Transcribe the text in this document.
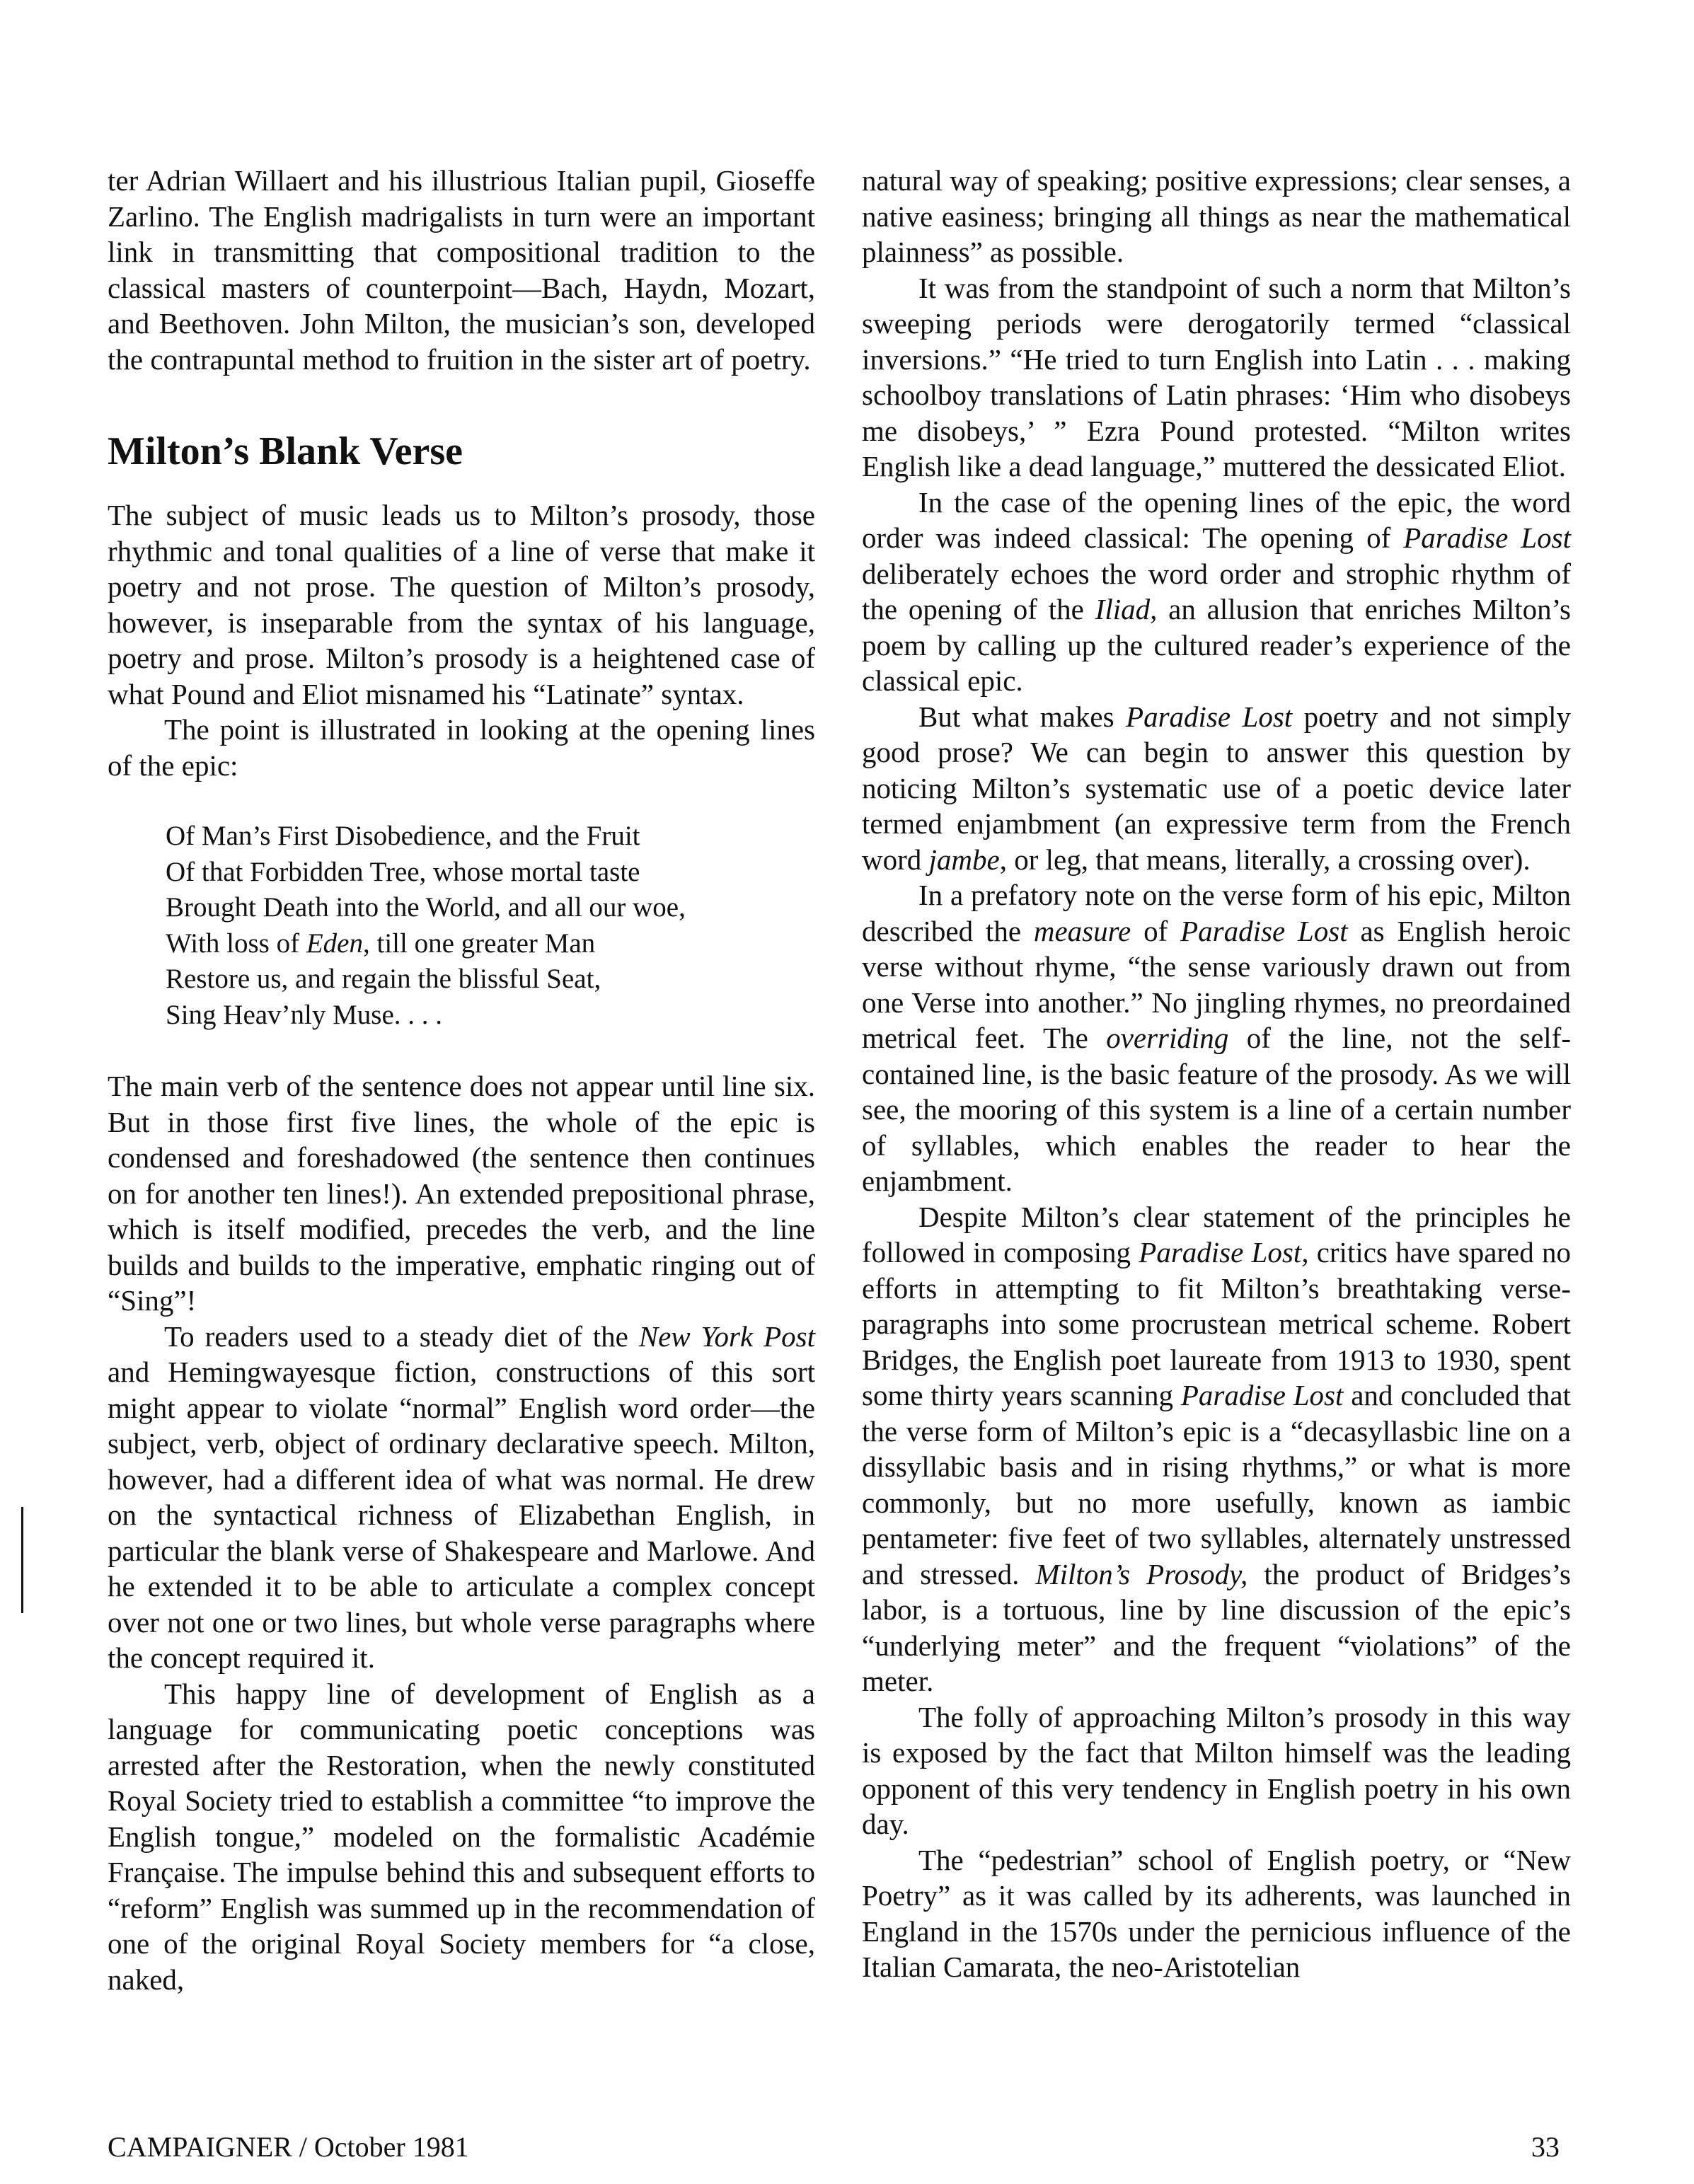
ter Adrian Willaert and his illustrious Italian pupil, Gioseffe Zarlino. The English madrigalists in turn were an important link in transmitting that compositional tradition to the classical masters of counterpoint—Bach, Haydn, Mozart, and Beethoven. John Milton, the musician’s son, developed the contrapuntal method to fruition in the sister art of poetry.

Milton’s Blank Verse

The subject of music leads us to Milton’s prosody, those rhythmic and tonal qualities of a line of verse that make it poetry and not prose. The question of Milton’s prosody, however, is inseparable from the syntax of his language, poetry and prose. Milton’s prosody is a heightened case of what Pound and Eliot misnamed his “Latinate” syntax.

The point is illustrated in looking at the opening lines of the epic:

Of Man’s First Disobedience, and the Fruit
Of that Forbidden Tree, whose mortal taste
Brought Death into the World, and all our woe,
With loss of Eden, till one greater Man
Restore us, and regain the blissful Seat,
Sing Heav’nly Muse. . . .

The main verb of the sentence does not appear until line six. But in those first five lines, the whole of the epic is condensed and foreshadowed (the sentence then continues on for another ten lines!). An extended prepositional phrase, which is itself modified, precedes the verb, and the line builds and builds to the imperative, emphatic ringing out of “Sing”!

To readers used to a steady diet of the New York Post and Hemingwayesque fiction, constructions of this sort might appear to violate “normal” English word order—the subject, verb, object of ordinary declarative speech. Milton, however, had a different idea of what was normal. He drew on the syntactical richness of Elizabethan English, in particular the blank verse of Shakespeare and Marlowe. And he extended it to be able to articulate a complex concept over not one or two lines, but whole verse paragraphs where the concept required it.

This happy line of development of English as a language for communicating poetic conceptions was arrested after the Restoration, when the newly constituted Royal Society tried to establish a committee “to improve the English tongue,” modeled on the formalistic Académie Française. The impulse behind this and subsequent efforts to “reform” English was summed up in the recommendation of one of the original Royal Society members for “a close, naked,

natural way of speaking; positive expressions; clear senses, a native easiness; bringing all things as near the mathematical plainness” as possible.

It was from the standpoint of such a norm that Milton’s sweeping periods were derogatorily termed “classical inversions.” “He tried to turn English into Latin . . . making schoolboy translations of Latin phrases: ‘Him who disobeys me disobeys,’ ” Ezra Pound protested. “Milton writes English like a dead language,” muttered the dessicated Eliot.

In the case of the opening lines of the epic, the word order was indeed classical: The opening of Paradise Lost deliberately echoes the word order and strophic rhythm of the opening of the Iliad, an allusion that enriches Milton’s poem by calling up the cultured reader’s experience of the classical epic.

But what makes Paradise Lost poetry and not simply good prose? We can begin to answer this question by noticing Milton’s systematic use of a poetic device later termed enjambment (an expressive term from the French word jambe, or leg, that means, literally, a crossing over).

In a prefatory note on the verse form of his epic, Milton described the measure of Paradise Lost as English heroic verse without rhyme, “the sense variously drawn out from one Verse into another.” No jingling rhymes, no preordained metrical feet. The overriding of the line, not the self-contained line, is the basic feature of the prosody. As we will see, the mooring of this system is a line of a certain number of syllables, which enables the reader to hear the enjambment.

Despite Milton’s clear statement of the principles he followed in composing Paradise Lost, critics have spared no efforts in attempting to fit Milton’s breathtaking verse-paragraphs into some procrustean metrical scheme. Robert Bridges, the English poet laureate from 1913 to 1930, spent some thirty years scanning Paradise Lost and concluded that the verse form of Milton’s epic is a “decasyllasbic line on a dissyllabic basis and in rising rhythms,” or what is more commonly, but no more usefully, known as iambic pentameter: five feet of two syllables, alternately unstressed and stressed. Milton’s Prosody, the product of Bridges’s labor, is a tortuous, line by line discussion of the epic’s “underlying meter” and the frequent “violations” of the meter.

The folly of approaching Milton’s prosody in this way is exposed by the fact that Milton himself was the leading opponent of this very tendency in English poetry in his own day.

The “pedestrian” school of English poetry, or “New Poetry” as it was called by its adherents, was launched in England in the 1570s under the pernicious influence of the Italian Camarata, the neo-Aristotelian

CAMPAIGNER / October 1981	33
